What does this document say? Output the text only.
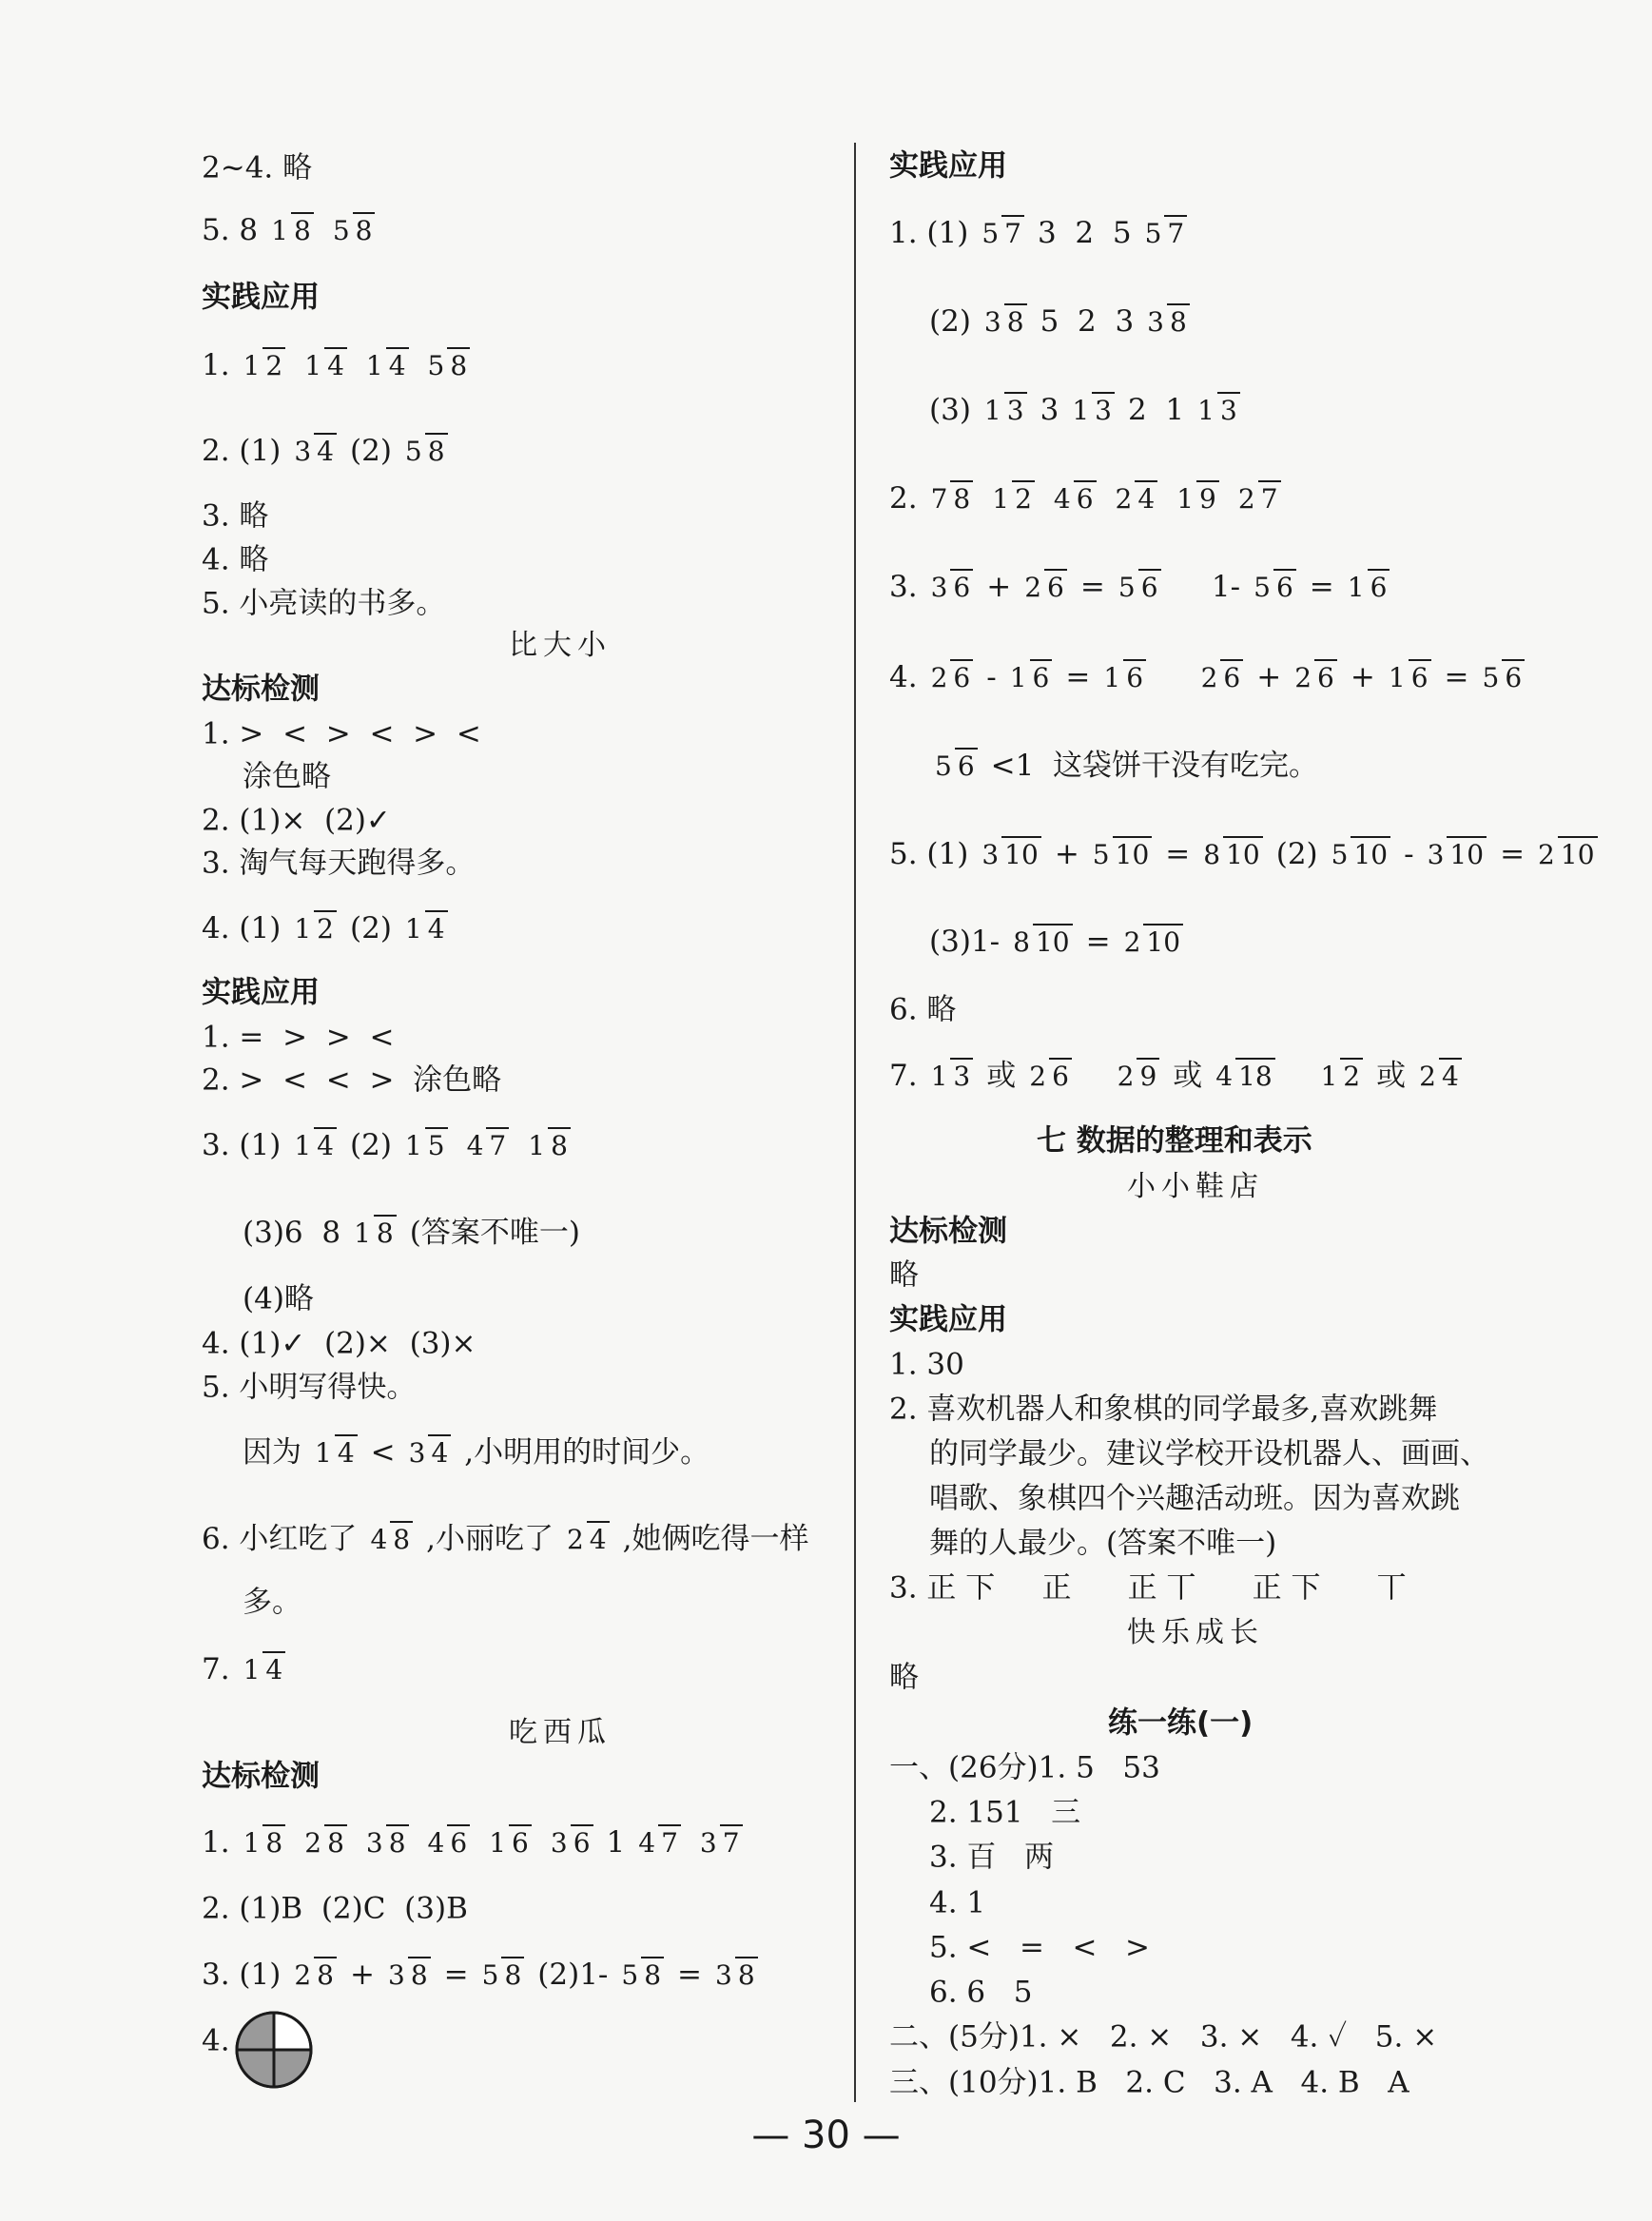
2~4. 略
5. 8 1 8 5 8
实践应用
1. 1 2 1 4 1 4 5 8
2. (1) 3 4 (2) 5 8
3. 略
4. 略
5. 小亮读的书多。
比大小
达标检测
1. >  <  >  <  >  <
涂色略
2. (1)×  (2)✓
3. 淘气每天跑得多。
4. (1) 1 2 (2) 1 4
实践应用
1. =  >  >  <
2. >  <  <  >  涂色略
3. (1) 1 4 (2) 1 5 4 7 1 8
(3)6  8 1 8 (答案不唯一)
(4)略
4. (1)✓  (2)×  (3)×
5. 小明写得快。
因为 1 4 < 3 4 ,小明用的时间少。
6. 小红吃了 4 8 ,小丽吃了 2 4 ,她俩吃得一样
多。
7. 1 4
吃西瓜
达标检测
1. 1 8 2 8 3 8 4 6 1 6 3 6 1 4 7 3 7
2. (1)B  (2)C  (3)B
3. (1) 2 8 + 3 8 = 5 8 (2)1- 5 8 = 3 8
4.
实践应用
1. (1) 5 7 3  2  5 5 7
(2) 3 8 5  2  3 3 8
(3) 1 3 3 1 3 2  1 1 3
2. 7 8 1 2 4 6 2 4 1 9 2 7
3. 3 6 + 2 6 = 5 6 1- 5 6 = 1 6
4. 2 6 - 1 6 = 1 6
2 6 + 2 6 + 1 6 = 5 6
5 6 <1  这袋饼干没有吃完。
5. (1) 3 10 + 5 10 = 8 10 (2) 5 10 - 3 10 = 2 10
(3)1- 8 10 = 2 10
6. 略
7. 1 3 或 2 6
2 9 或 4 18
1 2 或 2 4
七 数据的整理和表示
小小鞋店
达标检测
略
实践应用
1. 30
2. 喜欢机器人和象棋的同学最多,喜欢跳舞
的同学最少。建议学校开设机器人、画画、
唱歌、象棋四个兴趣活动班。因为喜欢跳
舞的人最少。(答案不唯一)
3. 正 下     正      正 丅      正 下      丅
快乐成长
略
练一练(一)
一、(26分)1. 5   53
2. 151   三
3. 百   两
4. 1
5. <   =   <   >
6. 6   5
二、(5分)1. ×   2. ×   3. ×   4. ✓   5. ×
三、(10分)1. B   2. C   3. A   4. B   A
— 30 —
